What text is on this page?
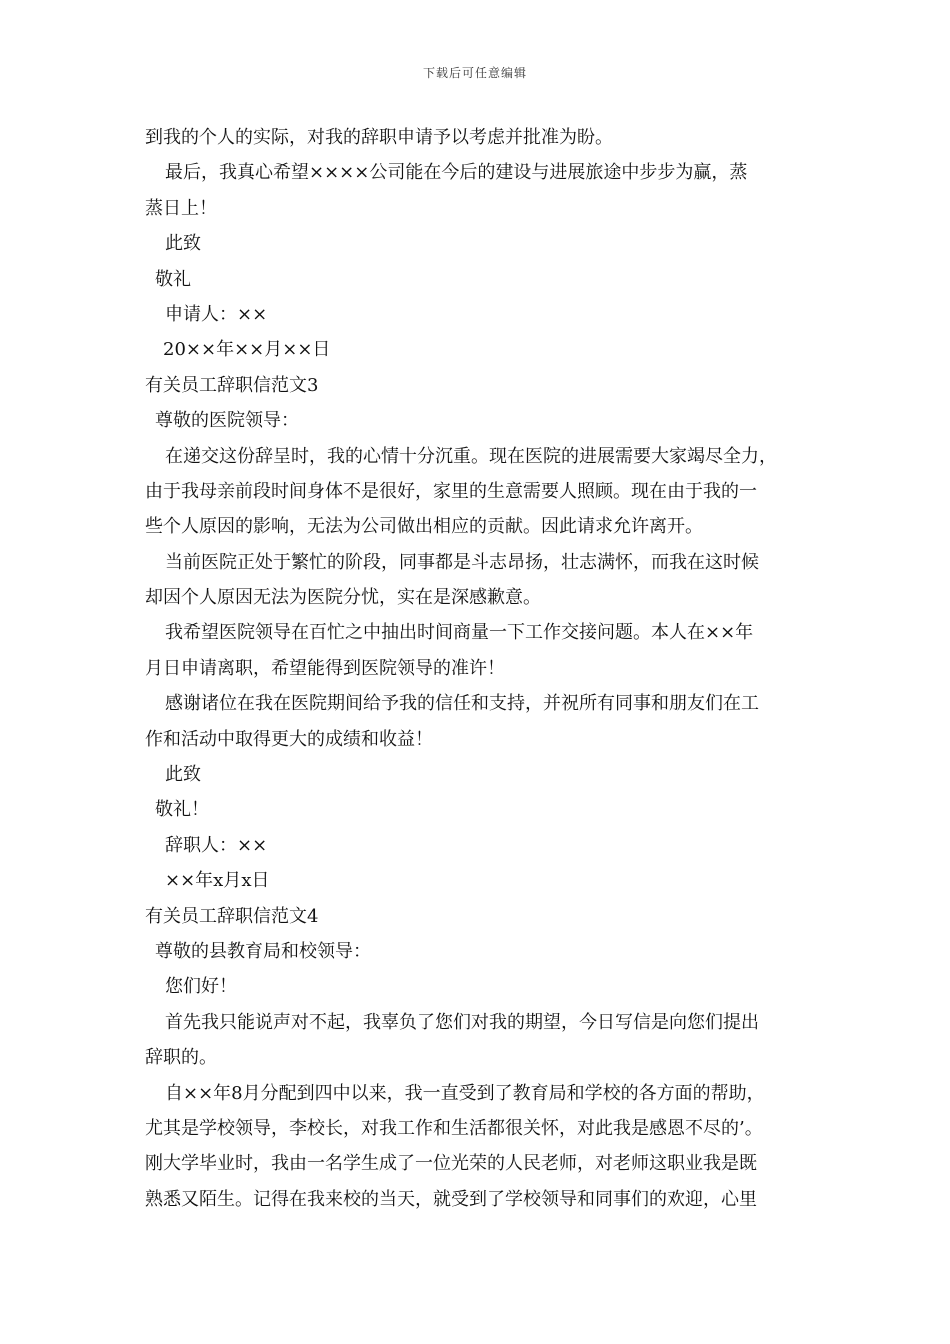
下载后可任意编辑
到我的个人的实际，对我的辞职申请予以考虑并批准为盼。
最后，我真心希望××××公司能在今后的建设与进展旅途中步步为赢，蒸
蒸日上！
此致
敬礼
申请人：××
20××年××月××日
有关员工辞职信范文3
尊敬的医院领导：
在递交这份辞呈时，我的心情十分沉重。现在医院的进展需要大家竭尽全力，
由于我母亲前段时间身体不是很好，家里的生意需要人照顾。现在由于我的一
些个人原因的影响，无法为公司做出相应的贡献。因此请求允许离开。
当前医院正处于繁忙的阶段，同事都是斗志昂扬，壮志满怀，而我在这时候
却因个人原因无法为医院分忧，实在是深感歉意。
我希望医院领导在百忙之中抽出时间商量一下工作交接问题。本人在××年
月日申请离职，希望能得到医院领导的准许！
感谢诸位在我在医院期间给予我的信任和支持，并祝所有同事和朋友们在工
作和活动中取得更大的成绩和收益！
此致
敬礼！
辞职人：××
××年x月x日
有关员工辞职信范文4
尊敬的县教育局和校领导：
您们好！
首先我只能说声对不起，我辜负了您们对我的期望，今日写信是向您们提出
辞职的。
自××年8月分配到四中以来，我一直受到了教育局和学校的各方面的帮助，
尤其是学校领导，李校长，对我工作和生活都很关怀，对此我是感恩不尽的’。
刚大学毕业时，我由一名学生成了一位光荣的人民老师，对老师这职业我是既
熟悉又陌生。记得在我来校的当天，就受到了学校领导和同事们的欢迎，心里
